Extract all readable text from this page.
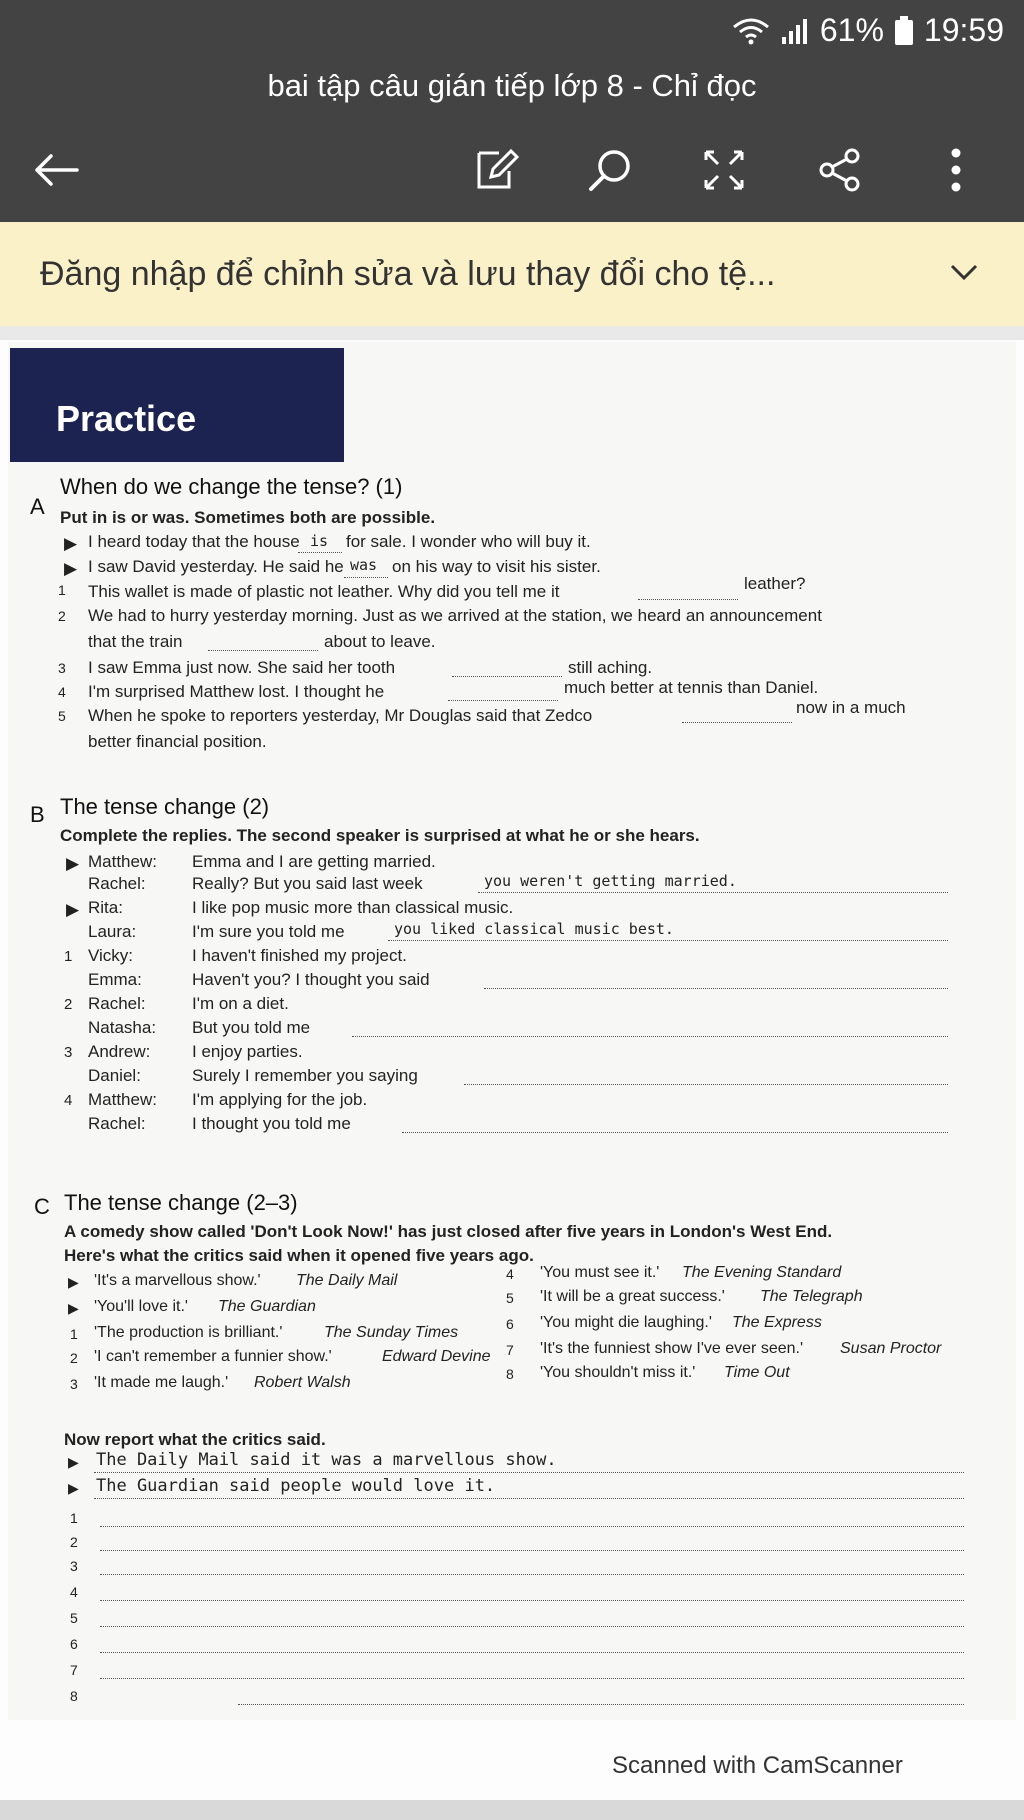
61% 19:59
bai tập câu gián tiếp lớp 8 - Chỉ đọc
Đăng nhập để chỉnh sửa và lưu thay đổi cho tệ...
Practice
A
When do we change the tense? (1)
Put in is or was. Sometimes both are possible.
▶ I heard today that the house is for sale. I wonder who will buy it.
▶ I saw David yesterday. He said he was on his way to visit his sister.
1 This wallet is made of plastic not leather. Why did you tell me it	leather?
2 We had to hurry yesterday morning. Just as we arrived at the station, we heard an announcement
that the train	about to leave.
3 I saw Emma just now. She said her tooth	still aching.
4 I'm surprised Matthew lost. I thought he	much better at tennis than Daniel.
5 When he spoke to reporters yesterday, Mr Douglas said that Zedco	now in a much
better financial position.
B The tense change (2)
Complete the replies. The second speaker is surprised at what he or she hears.
▶ Matthew: Emma and I are getting married.
Rachel:	Really? But you said last week	you weren't getting married.
▶ Rita:	I like pop music more than classical music.
Laura:	I'm sure you told me	you liked classical music best.
1 Vicky:	I haven't finished my project.
Emma:	Haven't you? I thought you said
2 Rachel:	I'm on a diet.
Natasha: But you told me
3 Andrew: I enjoy parties.
Daniel:	Surely I remember you saying
4 Matthew: I'm applying for the job.
Rachel:	I thought you told me
C The tense change (2–3)
A comedy show called 'Don't Look Now!' has just closed after five years in London's West End.
Here's what the critics said when it opened five years ago.
▶ 'It's a marvellous show.' The Daily Mail
▶ 'You'll love it.' The Guardian
1 'The production is brilliant.'	The Sunday Times
2 'I can't remember a funnier show.'	Edward Devine
3 'It made me laugh.' Robert Walsh
4 'You must see it.' The Evening Standard
5 'It will be a great success.' The Telegraph
6 'You might die laughing.' The Express
7 'It's the funniest show I've ever seen.' Susan Proctor
8 'You shouldn't miss it.' Time Out
Now report what the critics said.
▶ The Daily Mail said it was a marvellous show.
▶ The Guardian said people would love it.
1
2
3
4
5
6
7
8
Scanned with CamScanner
